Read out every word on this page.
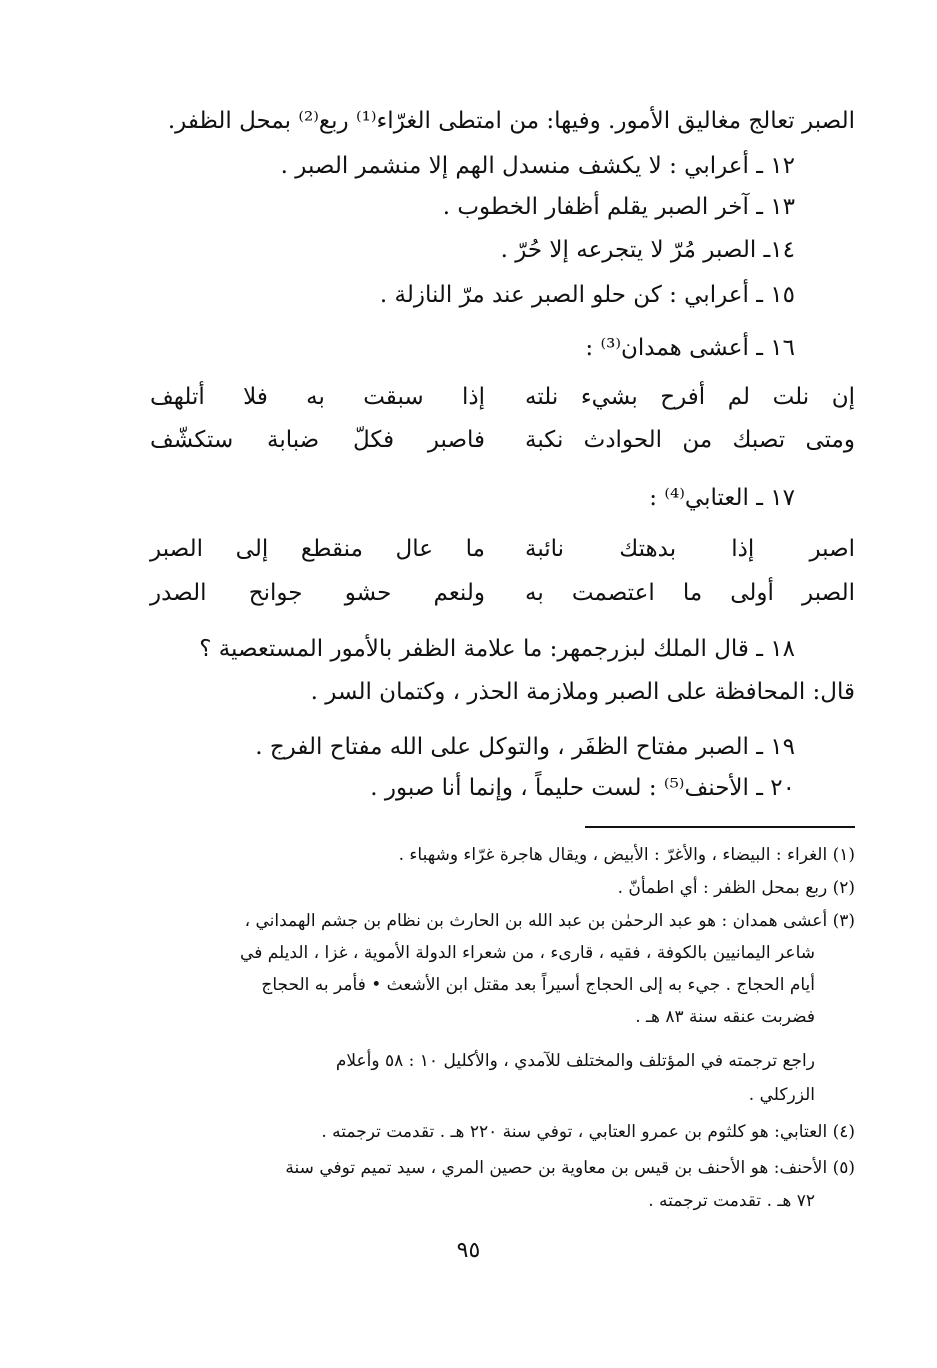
الصبر تعالج مغاليق الأمور. وفيها: من امتطى الغرّاء⁽¹⁾ ربع⁽²⁾ بمحل الظفر.
١٢ ـ أعرابي : لا يكشف منسدل الهم إلا منشمر الصبر .
١٣ ـ آخر الصبر يقلم أظفار الخطوب .
١٤ـ الصبر مُرّ لا يتجرعه إلا حُرّ .
١٥ ـ أعرابي : كن حلو الصبر عند مرّ النازلة .
١٦ ـ أعشى همدان⁽³⁾ :
إن نلت لم أفرح بشيء نلته
إذا سبقت به فلا أتلهف
ومتى تصبك من الحوادث نكبة
فاصبر فكلّ ضبابة ستكشّف
١٧ ـ العتابي⁽⁴⁾ :
اصبر إذا بدهتك نائبة
ما عال منقطع إلى الصبر
الصبر أولى ما اعتصمت به
ولنعم حشو جوانح الصدر
١٨ ـ قال الملك لبزرجمهر: ما علامة الظفر بالأمور المستعصية ؟
قال: المحافظة على الصبر وملازمة الحذر ، وكتمان السر .
١٩ ـ الصبر مفتاح الظفَر ، والتوكل على الله مفتاح الفرج .
٢٠ ـ الأحنف⁽⁵⁾ : لست حليماً ، وإنما أنا صبور .
(١) الغراء : البيضاء ، والأغرّ : الأبيض ، ويقال هاجرة غرّاء وشهباء .
(٢) ربع بمحل الظفر : أي اطمأنّ .
(٣) أعشى همدان : هو عبد الرحمٰن بن عبد الله بن الحارث بن نظام بن جشم الهمداني ،
شاعر اليمانيين بالكوفة ، فقيه ، قارىء ، من شعراء الدولة الأموية ، غزا ، الديلم في
أيام الحجاج . جيء به إلى الحجاج أسيراً بعد مقتل ابن الأشعث • فأمر به الحجاج
فضربت عنقه سنة ٨٣ هـ .
راجع ترجمته في المؤتلف والمختلف للآمدي ، والأكليل ١٠ : ٥٨ وأعلام
الزركلي .
(٤) العتابي: هو كلثوم بن عمرو العتابي ، توفي سنة ٢٢٠ هـ . تقدمت ترجمته .
(٥) الأحنف: هو الأحنف بن قيس بن معاوية بن حصين المري ، سيد تميم توفي سنة
٧٢ هـ . تقدمت ترجمته .
٩٥
